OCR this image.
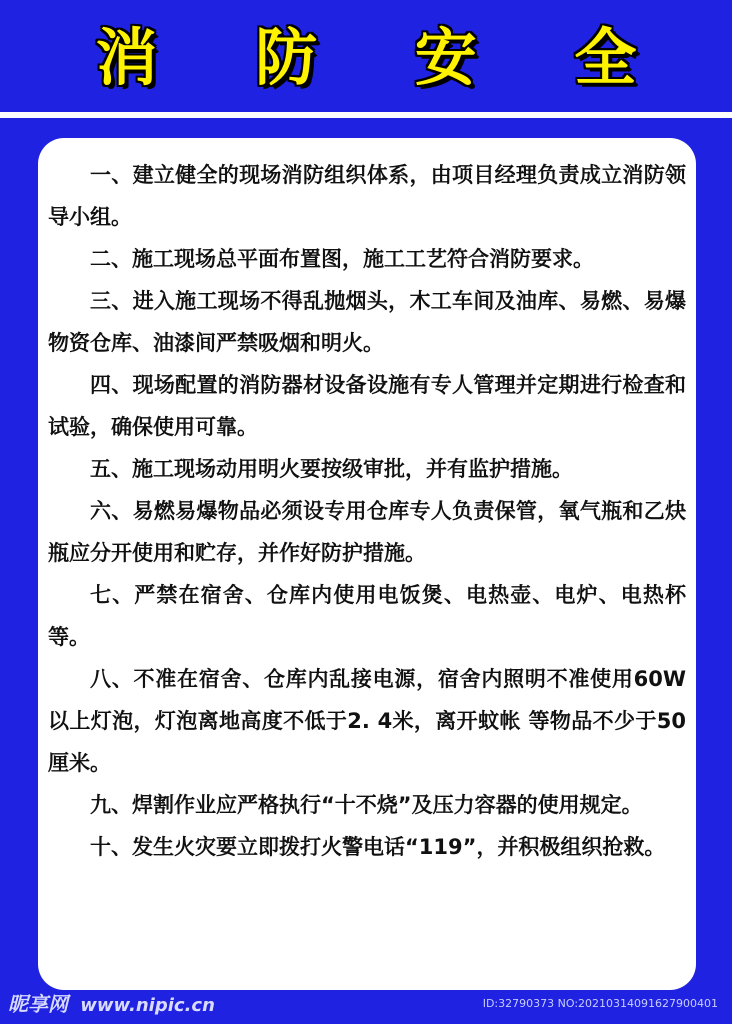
消 防 安 全

一、建立健全的现场消防组织体系，由项目经理负责成立消防领导小组。

二、施工现场总平面布置图，施工工艺符合消防要求。

三、进入施工现场不得乱抛烟头，木工车间及油库、易燃、易爆物资仓库、油漆间严禁吸烟和明火。

四、现场配置的消防器材设备设施有专人管理并定期进行检查和试验，确保使用可靠。

五、施工现场动用明火要按级审批，并有监护措施。

六、易燃易爆物品必须设专用仓库专人负责保管，氧气瓶和乙炔瓶应分开使用和贮存，并作好防护措施。

七、严禁在宿舍、仓库内使用电饭煲、电热壶、电炉、电热杯等。

八、不准在宿舍、仓库内乱接电源，宿舍内照明不准使用60W以上灯泡，灯泡离地高度不低于2. 4米，离开蚊帐 等物品不少于50厘米。

九、焊割作业应严格执行“十不烧”及压力容器的使用规定。

十、发生火灾要立即拨打火警电话“119”，并积极组织抢救。

昵享网 www.nipic.cn	ID:32790373 NO:20210314091627900401
